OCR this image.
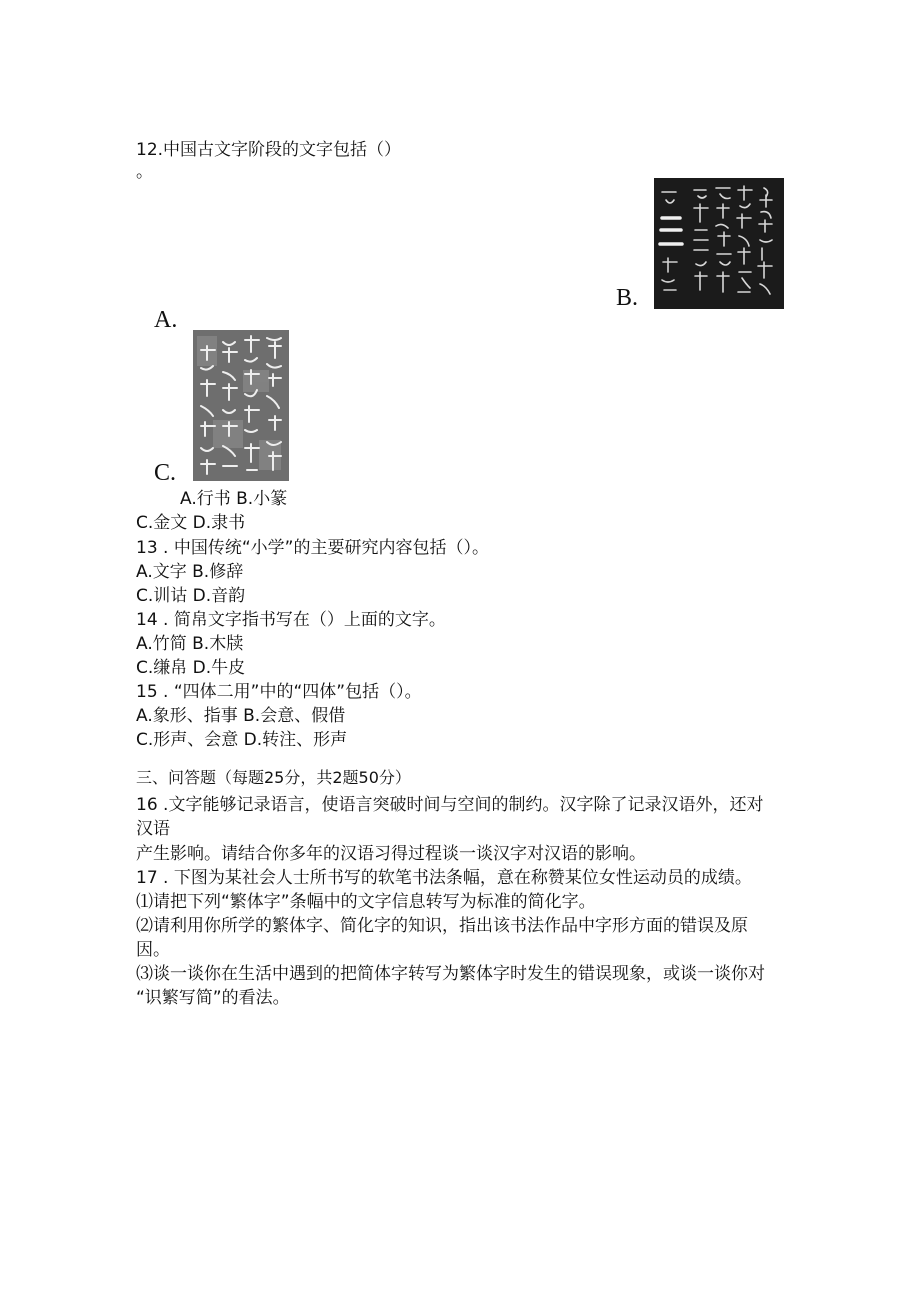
12.中国古文字阶段的文字包括（）
。
B.
A.
C.
A.行书 B.小篆
C.金文 D.隶书
13 . 中国传统“小学”的主要研究内容包括（）。
A.文字 B.修辞
C.训诂 D.音韵
14 . 简帛文字指书写在（）上面的文字。
A.竹简 B.木牍
C.缣帛 D.牛皮
15 . “四体二用”中的“四体”包括（）。
A.象形、指事 B.会意、假借
C.形声、会意 D.转注、形声
三、问答题（每题25分，共2题50分）
16 .文字能够记录语言，使语言突破时间与空间的制约。汉字除了记录汉语外，还对
汉语
产生影响。请结合你多年的汉语习得过程谈一谈汉字对汉语的影响。
17 . 下图为某社会人士所书写的软笔书法条幅，意在称赞某位女性运动员的成绩。
⑴请把下列“繁体字”条幅中的文字信息转写为标准的简化字。
⑵请利用你所学的繁体字、简化字的知识，指出该书法作品中字形方面的错误及原
因。
⑶谈一谈你在生活中遇到的把简体字转写为繁体字时发生的错误现象，或谈一谈你对
“识繁写简”的看法。
